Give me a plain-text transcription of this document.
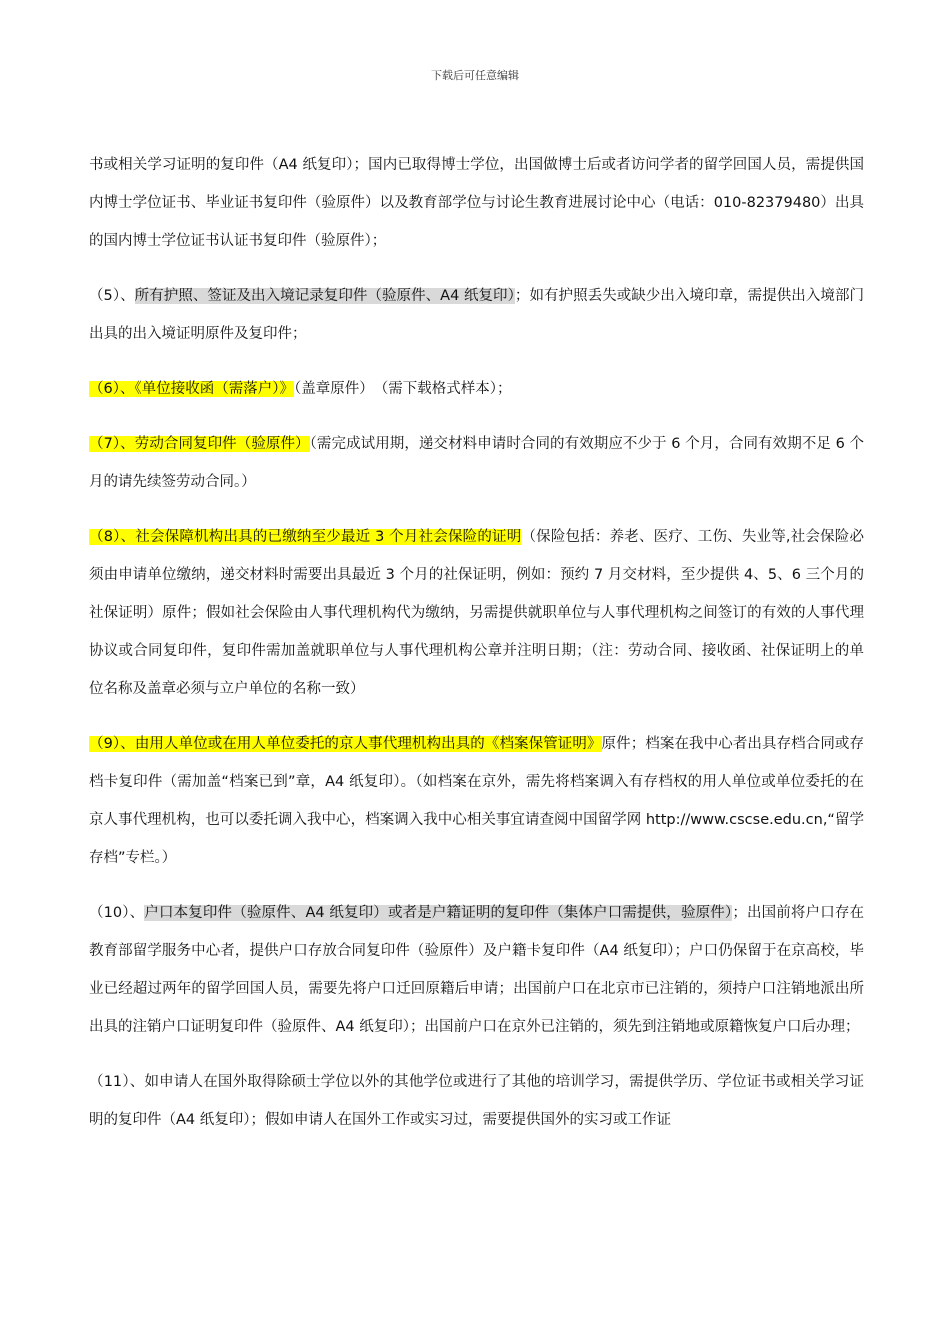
下载后可任意编辑

书或相关学习证明的复印件（A4 纸复印）；国内已取得博士学位，出国做博士后或者访问学者的留学回国人员，需提供国内博士学位证书、毕业证书复印件（验原件）以及教育部学位与讨论生教育进展讨论中心（电话：010-82379480）出具的国内博士学位证书认证书复印件（验原件）；

（5）、所有护照、签证及出入境记录复印件（验原件、A4 纸复印）；如有护照丢失或缺少出入境印章，需提供出入境部门出具的出入境证明原件及复印件；

（6）、《单位接收函（需落户）》（盖章原件）　（需下载格式样本）；

（7）、劳动合同复印件（验原件）（需完成试用期，递交材料申请时合同的有效期应不少于 6 个月，合同有效期不足 6 个月的请先续签劳动合同。）

（8）、社会保障机构出具的已缴纳至少最近 3 个月社会保险的证明（保险包括：养老、医疗、工伤、失业等,社会保险必须由申请单位缴纳，递交材料时需要出具最近 3 个月的社保证明，例如：预约 7 月交材料，至少提供 4、5、6 三个月的社保证明）原件；假如社会保险由人事代理机构代为缴纳，另需提供就职单位与人事代理机构之间签订的有效的人事代理协议或合同复印件，复印件需加盖就职单位与人事代理机构公章并注明日期；（注：劳动合同、接收函、社保证明上的单位名称及盖章必须与立户单位的名称一致）

（9）、由用人单位或在用人单位委托的京人事代理机构出具的《档案保管证明》原件；档案在我中心者出具存档合同或存档卡复印件（需加盖“档案已到”章，A4 纸复印）。（如档案在京外，需先将档案调入有存档权的用人单位或单位委托的在京人事代理机构，也可以委托调入我中心，档案调入我中心相关事宜请查阅中国留学网 http://www.cscse.edu.cn,“留学存档”专栏。）

（10）、户口本复印件（验原件、A4 纸复印）或者是户籍证明的复印件（集体户口需提供，验原件）；出国前将户口存在教育部留学服务中心者，提供户口存放合同复印件（验原件）及户籍卡复印件（A4 纸复印）；户口仍保留于在京高校，毕业已经超过两年的留学回国人员，需要先将户口迁回原籍后申请；出国前户口在北京市已注销的，须持户口注销地派出所出具的注销户口证明复印件（验原件、A4 纸复印）；出国前户口在京外已注销的，须先到注销地或原籍恢复户口后办理；

（11）、如申请人在国外取得除硕士学位以外的其他学位或进行了其他的培训学习，需提供学历、学位证书或相关学习证明的复印件（A4 纸复印）；假如申请人在国外工作或实习过，需要提供国外的实习或工作证
